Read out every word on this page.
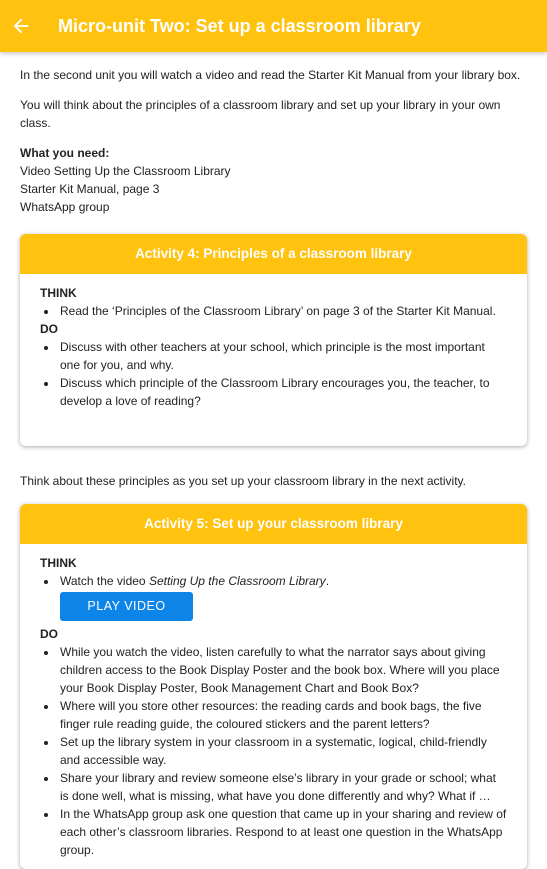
Micro-unit Two: Set up a classroom library

In the second unit you will watch a video and read the Starter Kit Manual from your library box.

You will think about the principles of a classroom library and set up your library in your own class.

What you need:
Video Setting Up the Classroom Library
Starter Kit Manual, page 3
WhatsApp group
Activity 4: Principles of a classroom library
THINK
• Read the ‘Principles of the Classroom Library’ on page 3 of the Starter Kit Manual.
DO
• Discuss with other teachers at your school, which principle is the most important one for you, and why.
• Discuss which principle of the Classroom Library encourages you, the teacher, to develop a love of reading?

Think about these principles as you set up your classroom library in the next activity.

Activity 5: Set up your classroom library
THINK
• Watch the video Setting Up the Classroom Library.
PLAY VIDEO
DO
• While you watch the video, listen carefully to what the narrator says about giving children access to the Book Display Poster and the book box. Where will you place your Book Display Poster, Book Management Chart and Book Box?
• Where will you store other resources: the reading cards and book bags, the five finger rule reading guide, the coloured stickers and the parent letters?
• Set up the library system in your classroom in a systematic, logical, child-friendly and accessible way.
• Share your library and review someone else’s library in your grade or school; what is done well, what is missing, what have you done differently and why? What if …
• In the WhatsApp group ask one question that came up in your sharing and review of each other’s classroom libraries. Respond to at least one question in the WhatsApp group.
